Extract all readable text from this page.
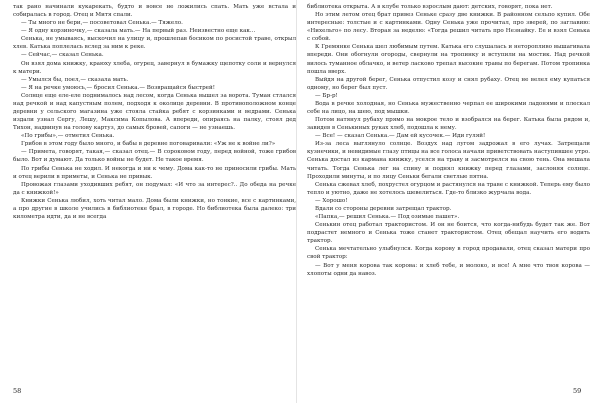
так рано начинали кукарекать, будто и вовсе не ложились спать. Мать уже встала и собиралась в город. Отец и Митя спали.

— Ты много не бери,— посоветовал Сенька.— Тяжело.

— Я одну корзиночку,— сказала мать.— На первый раз. Неизвестно еще как...

Сенька, не умываясь, выскочил на улицу и, прошлепав босиком по росистой траве, открыл хлев. Катька поплелась вслед за ним к реке.

— Сейчас,— сказал Сенька.

Он взял дома книжку, краюху хлеба, огурец, завернул в бумажку щепотку соли и вернулся к матери.

— Умылся бы, поел,— сказала мать.

— Я на речке умоюсь,— бросил Сенька.— Возвращайся быстрей!

Солнце еще еле-еле поднималось над лесом, когда Сенька вышел за ворота. Туман стлался над речкой и над капустным полем, подходя к околице деревни. В противоположном конце деревни у сельского магазина уже стояла стайка ребят с корзинками и ведрами. Сенька издали узнал Сергу, Лешу, Максима Копылова. А впереди, опираясь на палку, стоял дед Тихон, надвинув на голову картуз, до самых бровей, сапоги — не узнаешь.

«По грибы»,— отметил Сенька.

Грибов в этом году было много, и бабы в деревне поговаривали: «Уж не к войне ли?»

— Примета, говорят, такая,— сказал отец.— В сороковом году, перед войной, тоже грибов было. Вот и думают. Да только войны не будет. Не такое время.

По грибы Сенька не ходил. И некогда и ни к чему. Дома как-то не приносили грибы. Мать и отец верили в приметы, и Сенька не привык.

Провожая глазами уходивших ребят, он подумал: «И что за интерес?.. До обеда на речке да с книжкой!»

Книжки Сенька любил, хоть читал мало. Дома были книжки, но тонкие, все с картинками, а про другие в школе учились в библиотеке брал, в городе. Но библиотека была далеко: три километра идти, да и не всегда

библиотека открыта. А в клубе только взрослым дают: детских, говорят, пока нет.

Но этим летом отец брат привез Сеньке сразу две книжки. В районном сельпо купил. Обе интересные: толстые и с картинками. Одну Сенька уже прочитал, про зверей, по заглавию: «Нихельго» по лесу. Вторая за неделю: «Тогда решил читать про Незнайку. Ее и взял Сенька с собой.

К Гремянке Сенька шел любимым путем. Катька его слушалась и неторопливо вышагивала впереди. Они обогнули огороды, свернули на тропинку и вступили на мостик. Над речкой вилось туманное облачко, и ветер ласково трепал высокие травы по берегам. Потом тропинка пошла вверх.

Выйдя на другой берег, Сенька отпустил козу и снял рубаху. Отец не велел ему купаться одному, но берег был пуст.

— Бр-р!

Вода в речке холодная, но Сенька мужественно черпал ее широкими ладонями и плескал себе на лицо, на шею, под мышки.

Потом натянул рубаху прямо на мокрое тело и взобрался на берег. Катька была рядом и, завидев в Сенькиных руках хлеб, подошла к нему.

— Все! — сказал Сенька.— Дам ей кусочек.— Иди гуляй!

Из-за леса выглянуло солнце. Воздух над лугом задрожал в его лучах. Затрещали кузнечики, и невидимые глазу птицы на все голоса начали приветствовать наступившее утро. Сенька достал из кармана книжку, уселся на траву и засмотрелся на свою тень. Она мешала читать. Тогда Сенька лег на спину и поднял книжку перед глазами, заслоняя солнце. Проходили минуты, и по лицу Сеньки бегали светлые пятна.

Сенька сжевал хлеб, похрустел огурцом и растянулся на траве с книжкой. Теперь ему было тепло и уютно, даже не хотелось шевелиться. Где-то близко журчала вода.

— Хорошо!

Вдали со стороны деревни затрещал трактор.

«Папка,— решил Сенька.— Под озимые пашет».

Сенькин отец работал трактористом. И он не боится, что когда-нибудь будет так же. Вот подрастет немного и Сенька тоже станет трактористом. Отец обещал научить его водить трактор.

Сенька мечтательно улыбнулся. Когда корову в город продавали, отец сказал матери про свой трактор:

— Вот у меня корова так корова: и хлеб тебе, и молоко, и все! А мне что твоя корова — хлопоты одни да навоз.

58	59
